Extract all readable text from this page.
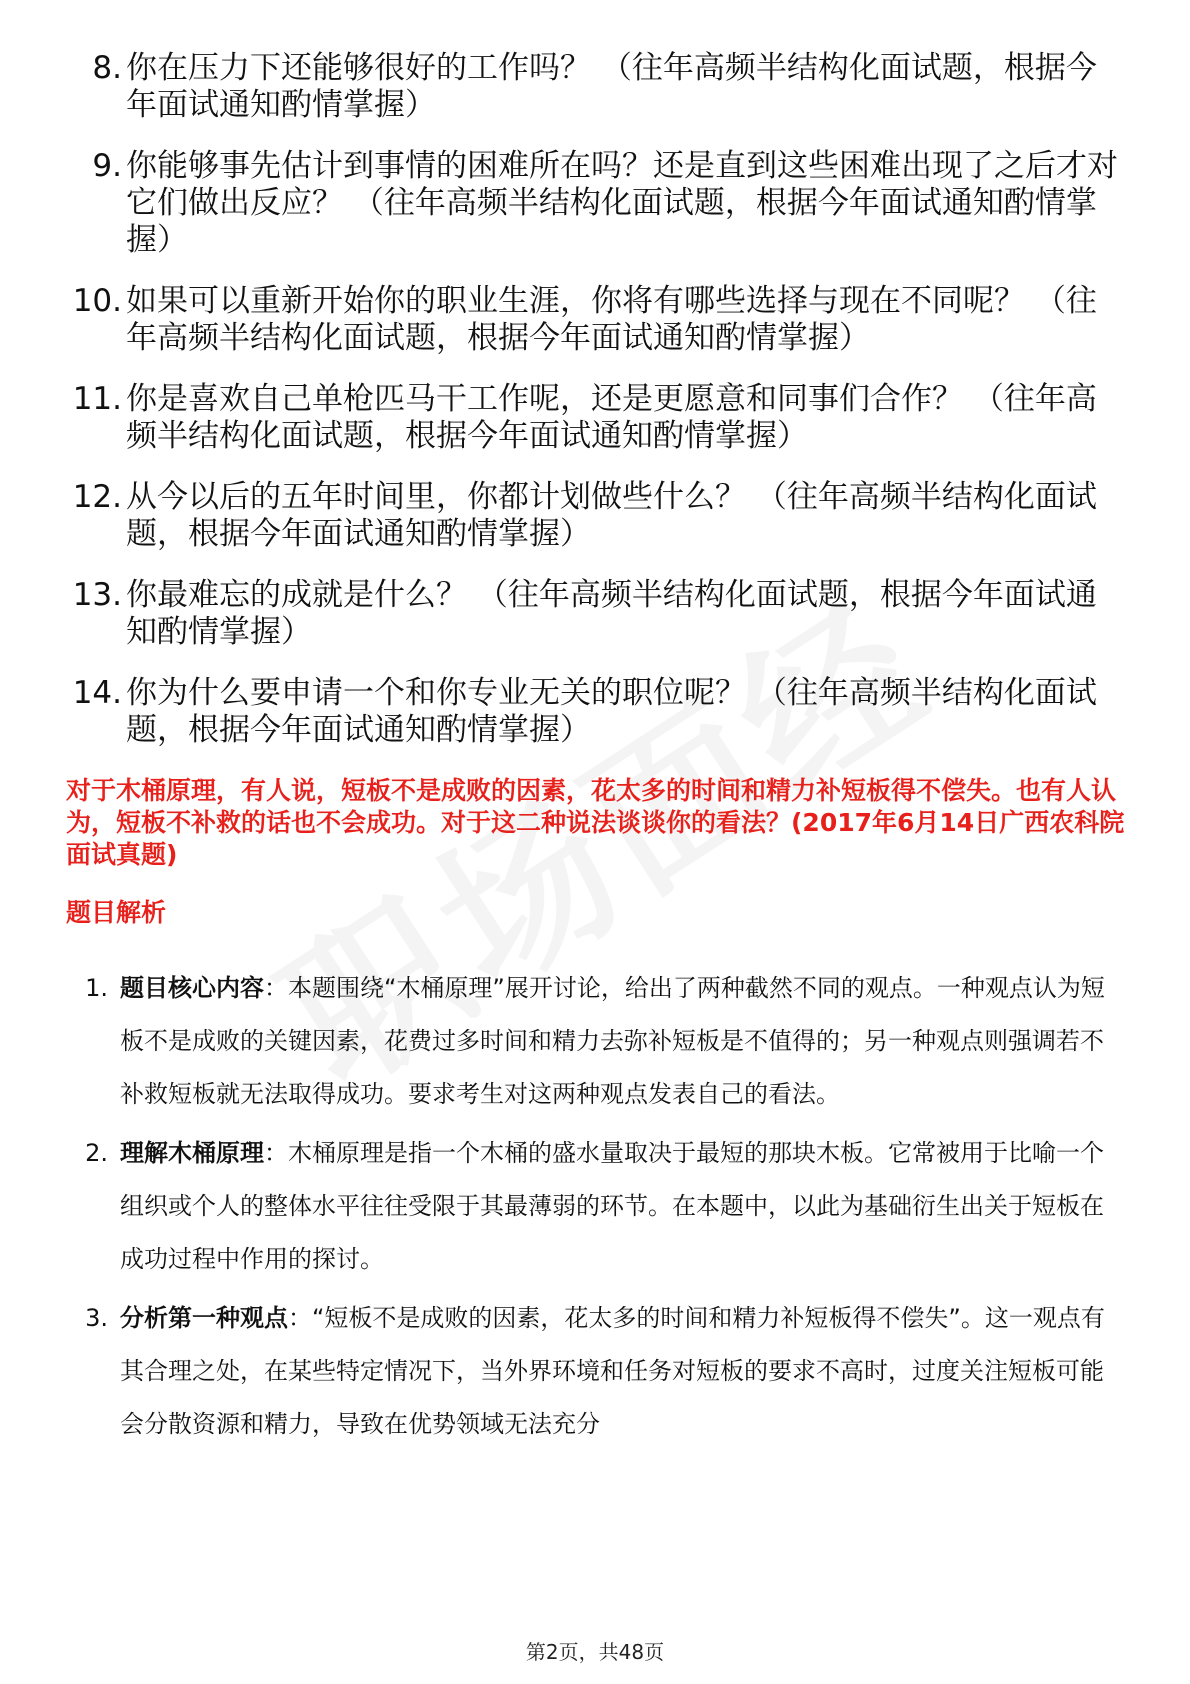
8. 你在压力下还能够很好的工作吗？ （往年高频半结构化面试题，根据今年面试通知酌情掌握）
9. 你能够事先估计到事情的困难所在吗？还是直到这些困难出现了之后才对它们做出反应？ （往年高频半结构化面试题，根据今年面试通知酌情掌握）
10. 如果可以重新开始你的职业生涯，你将有哪些选择与现在不同呢？ （往年高频半结构化面试题，根据今年面试通知酌情掌握）
11. 你是喜欢自己单枪匹马干工作呢，还是更愿意和同事们合作？ （往年高频半结构化面试题，根据今年面试通知酌情掌握）
12. 从今以后的五年时间里，你都计划做些什么？ （往年高频半结构化面试题，根据今年面试通知酌情掌握）
13. 你最难忘的成就是什么？ （往年高频半结构化面试题，根据今年面试通知酌情掌握）
14. 你为什么要申请一个和你专业无关的职位呢？ （往年高频半结构化面试题，根据今年面试通知酌情掌握）

对于木桶原理，有人说，短板不是成败的因素，花太多的时间和精力补短板得不偿失。也有人认为，短板不补救的话也不会成功。对于这二种说法谈谈你的看法？(2017年6月14日广西农科院面试真题)

题目解析

1. 题目核心内容：本题围绕“木桶原理”展开讨论，给出了两种截然不同的观点。一种观点认为短板不是成败的关键因素，花费过多时间和精力去弥补短板是不值得的；另一种观点则强调若不补救短板就无法取得成功。要求考生对这两种观点发表自己的看法。
2. 理解木桶原理：木桶原理是指一个木桶的盛水量取决于最短的那块木板。它常被用于比喻一个组织或个人的整体水平往往受限于其最薄弱的环节。在本题中，以此为基础衍生出关于短板在成功过程中作用的探讨。
3. 分析第一种观点：“短板不是成败的因素，花太多的时间和精力补短板得不偿失”。这一观点有其合理之处，在某些特定情况下，当外界环境和任务对短板的要求不高时，过度关注短板可能会分散资源和精力，导致在优势领域无法充分
第2页，共48页
